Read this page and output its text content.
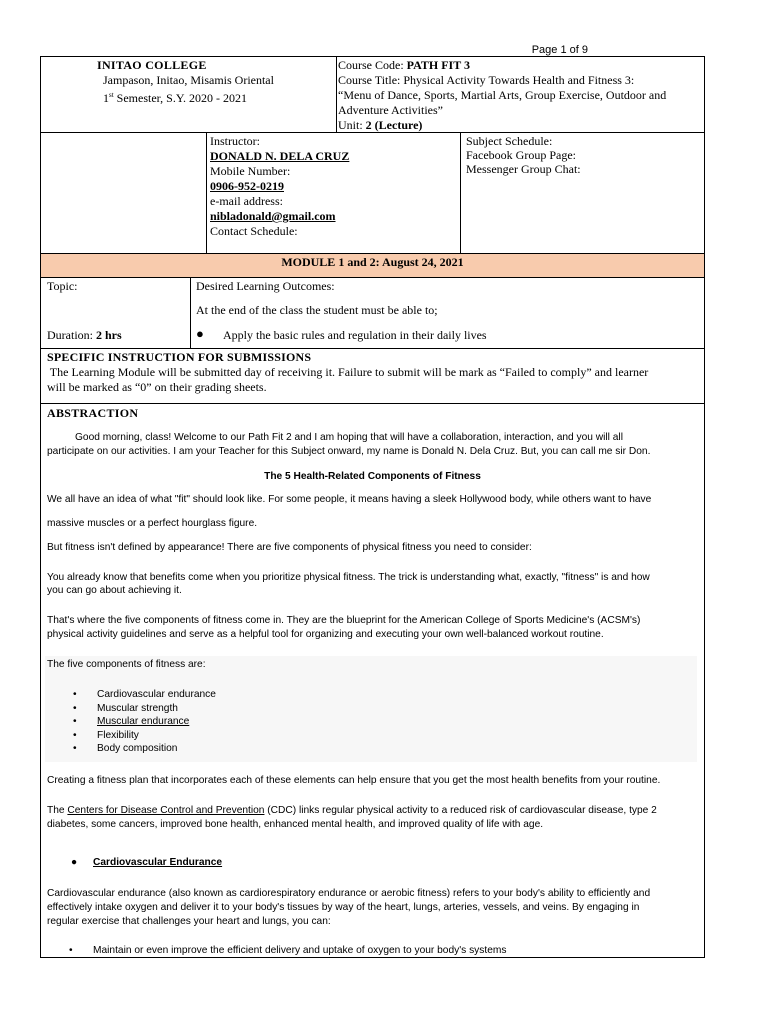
Page 1 of 9
INITAO COLLEGE
Jampason, Initao, Misamis Oriental
1st Semester, S.Y. 2020 - 2021
Course Code: PATH FIT 3
Course Title: Physical Activity Towards Health and Fitness 3:
“Menu of Dance, Sports, Martial Arts, Group Exercise, Outdoor and
Adventure Activities”
Unit: 2 (Lecture)
Instructor:
DONALD N. DELA CRUZ
Mobile Number:
0906-952-0219
e-mail address:
nibladonald@gmail.com
Contact Schedule:
Subject Schedule:
Facebook Group Page:
Messenger Group Chat:
MODULE 1 and 2: August 24, 2021
Topic:
Duration: 2 hrs
Desired Learning Outcomes:
At the end of the class the student must be able to;
● Apply the basic rules and regulation in their daily lives
SPECIFIC INSTRUCTION FOR SUBMISSIONS
The Learning Module will be submitted day of receiving it. Failure to submit will be mark as “Failed to comply” and learner
will be marked as “0” on their grading sheets.
ABSTRACTION
Good morning, class! Welcome to our Path Fit 2 and I am hoping that will have a collaboration, interaction, and you will all
participate on our activities. I am your Teacher for this Subject onward, my name is Donald N. Dela Cruz. But, you can call me sir Don.
The 5 Health-Related Components of Fitness
We all have an idea of what "fit" should look like. For some people, it means having a sleek Hollywood body, while others want to have
massive muscles or a perfect hourglass figure.
But fitness isn't defined by appearance! There are five components of physical fitness you need to consider:
You already know that benefits come when you prioritize physical fitness. The trick is understanding what, exactly, "fitness" is and how
you can go about achieving it.
That's where the five components of fitness come in. They are the blueprint for the American College of Sports Medicine's (ACSM's)
physical activity guidelines and serve as a helpful tool for organizing and executing your own well-balanced workout routine.
The five components of fitness are:
• Cardiovascular endurance
• Muscular strength
• Muscular endurance
• Flexibility
• Body composition
Creating a fitness plan that incorporates each of these elements can help ensure that you get the most health benefits from your routine.
The Centers for Disease Control and Prevention (CDC) links regular physical activity to a reduced risk of cardiovascular disease, type 2
diabetes, some cancers, improved bone health, enhanced mental health, and improved quality of life with age.
● Cardiovascular Endurance
Cardiovascular endurance (also known as cardiorespiratory endurance or aerobic fitness) refers to your body's ability to efficiently and
effectively intake oxygen and deliver it to your body's tissues by way of the heart, lungs, arteries, vessels, and veins. By engaging in
regular exercise that challenges your heart and lungs, you can:
• Maintain or even improve the efficient delivery and uptake of oxygen to your body's systems
